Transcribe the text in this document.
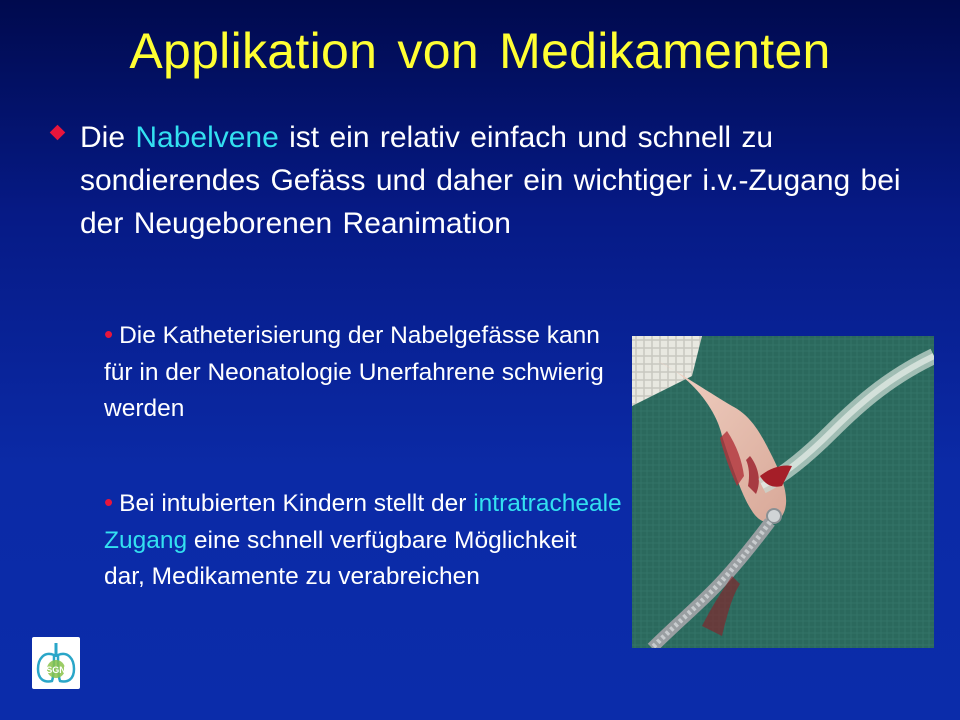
Applikation von Medikamenten
Die Nabelvene ist ein relativ einfach und schnell zu sondierendes Gefäss und daher ein wichtiger i.v.-Zugang bei der Neugeborenen Reanimation
• Die Katheterisierung der Nabelgefässe kann für in der Neonatologie Unerfahrene schwierig werden
• Bei intubierten Kindern stellt der intratracheale Zugang eine schnell verfügbare Möglichkeit dar, Medikamente zu verabreichen
SGN
